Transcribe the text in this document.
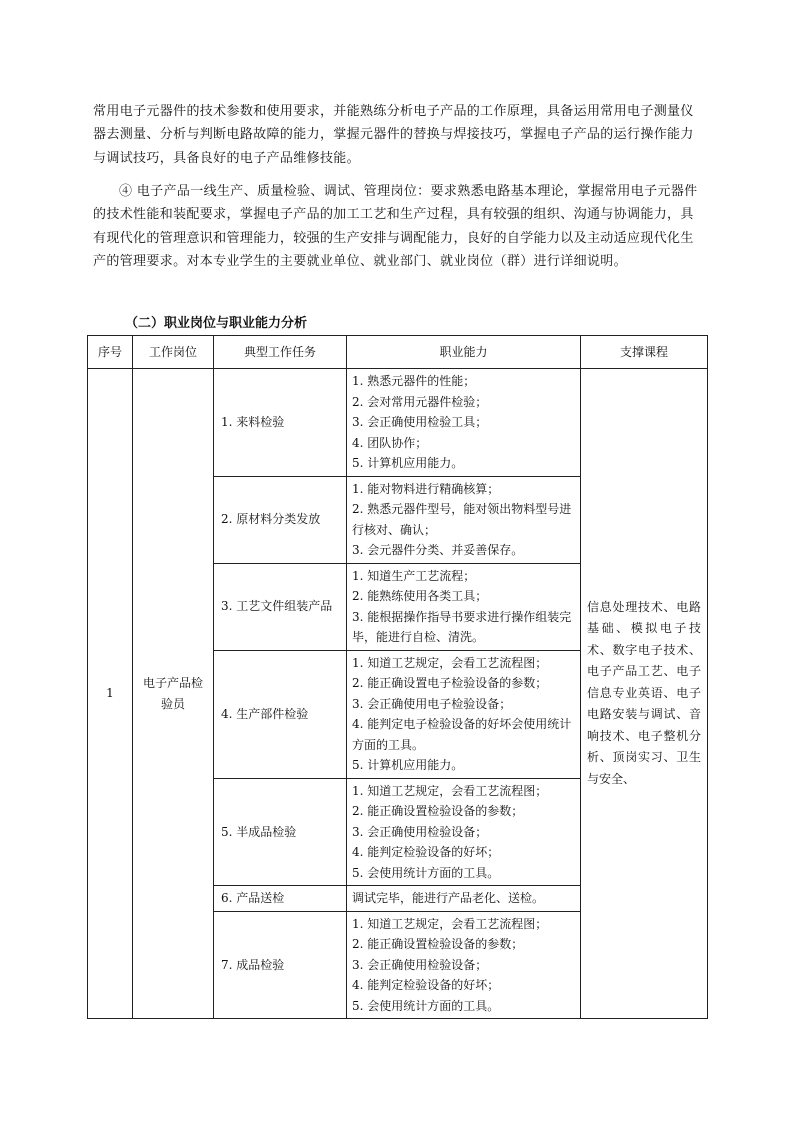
常用电子元器件的技术参数和使用要求，并能熟练分析电子产品的工作原理，具备运用常用电子测量仪器去测量、分析与判断电路故障的能力，掌握元器件的替换与焊接技巧，掌握电子产品的运行操作能力与调试技巧，具备良好的电子产品维修技能。

④ 电子产品一线生产、质量检验、调试、管理岗位：要求熟悉电路基本理论，掌握常用电子元器件的技术性能和装配要求，掌握电子产品的加工工艺和生产过程，具有较强的组织、沟通与协调能力，具有现代化的管理意识和管理能力，较强的生产安排与调配能力，良好的自学能力以及主动适应现代化生产的管理要求。对本专业学生的主要就业单位、就业部门、就业岗位（群）进行详细说明。

（二）职业岗位与职业能力分析
序号	工作岗位	典型工作任务	职业能力	支撑课程
1	电子产品检验员	1. 来料检验	1. 熟悉元器件的性能；
2. 会对常用元器件检验；
3. 会正确使用检验工具；
4. 团队协作；
5. 计算机应用能力。	信息处理技术、电路基础、模拟电子技术、数字电子技术、电子产品工艺、电子信息专业英语、电子电路安装与调试、音响技术、电子整机分析、顶岗实习、卫生与安全、
		2. 原材料分类发放	1. 能对物料进行精确核算；
2. 熟悉元器件型号，能对领出物料型号进行核对、确认；
3. 会元器件分类、并妥善保存。	

		3. 工艺文件组装产品	1. 知道生产工艺流程；
2. 能熟练使用各类工具；
3. 能根据操作指导书要求进行操作组装完毕，能进行自检、清洗。	

		4. 生产部件检验	1. 知道工艺规定，会看工艺流程图；
2. 能正确设置电子检验设备的参数；
3. 会正确使用电子检验设备；
4. 能判定电子检验设备的好坏会使用统计方面的工具。
5. 计算机应用能力。	

		5. 半成品检验	1. 知道工艺规定，会看工艺流程图；
2. 能正确设置检验设备的参数；
3. 会正确使用检验设备；
4. 能判定检验设备的好坏；
5. 会使用统计方面的工具。	

		6. 产品送检	调试完毕，能进行产品老化、送检。	

		7. 成品检验	1. 知道工艺规定，会看工艺流程图；
2. 能正确设置检验设备的参数；
3. 会正确使用检验设备；
4. 能判定检验设备的好坏；
5. 会使用统计方面的工具。	
